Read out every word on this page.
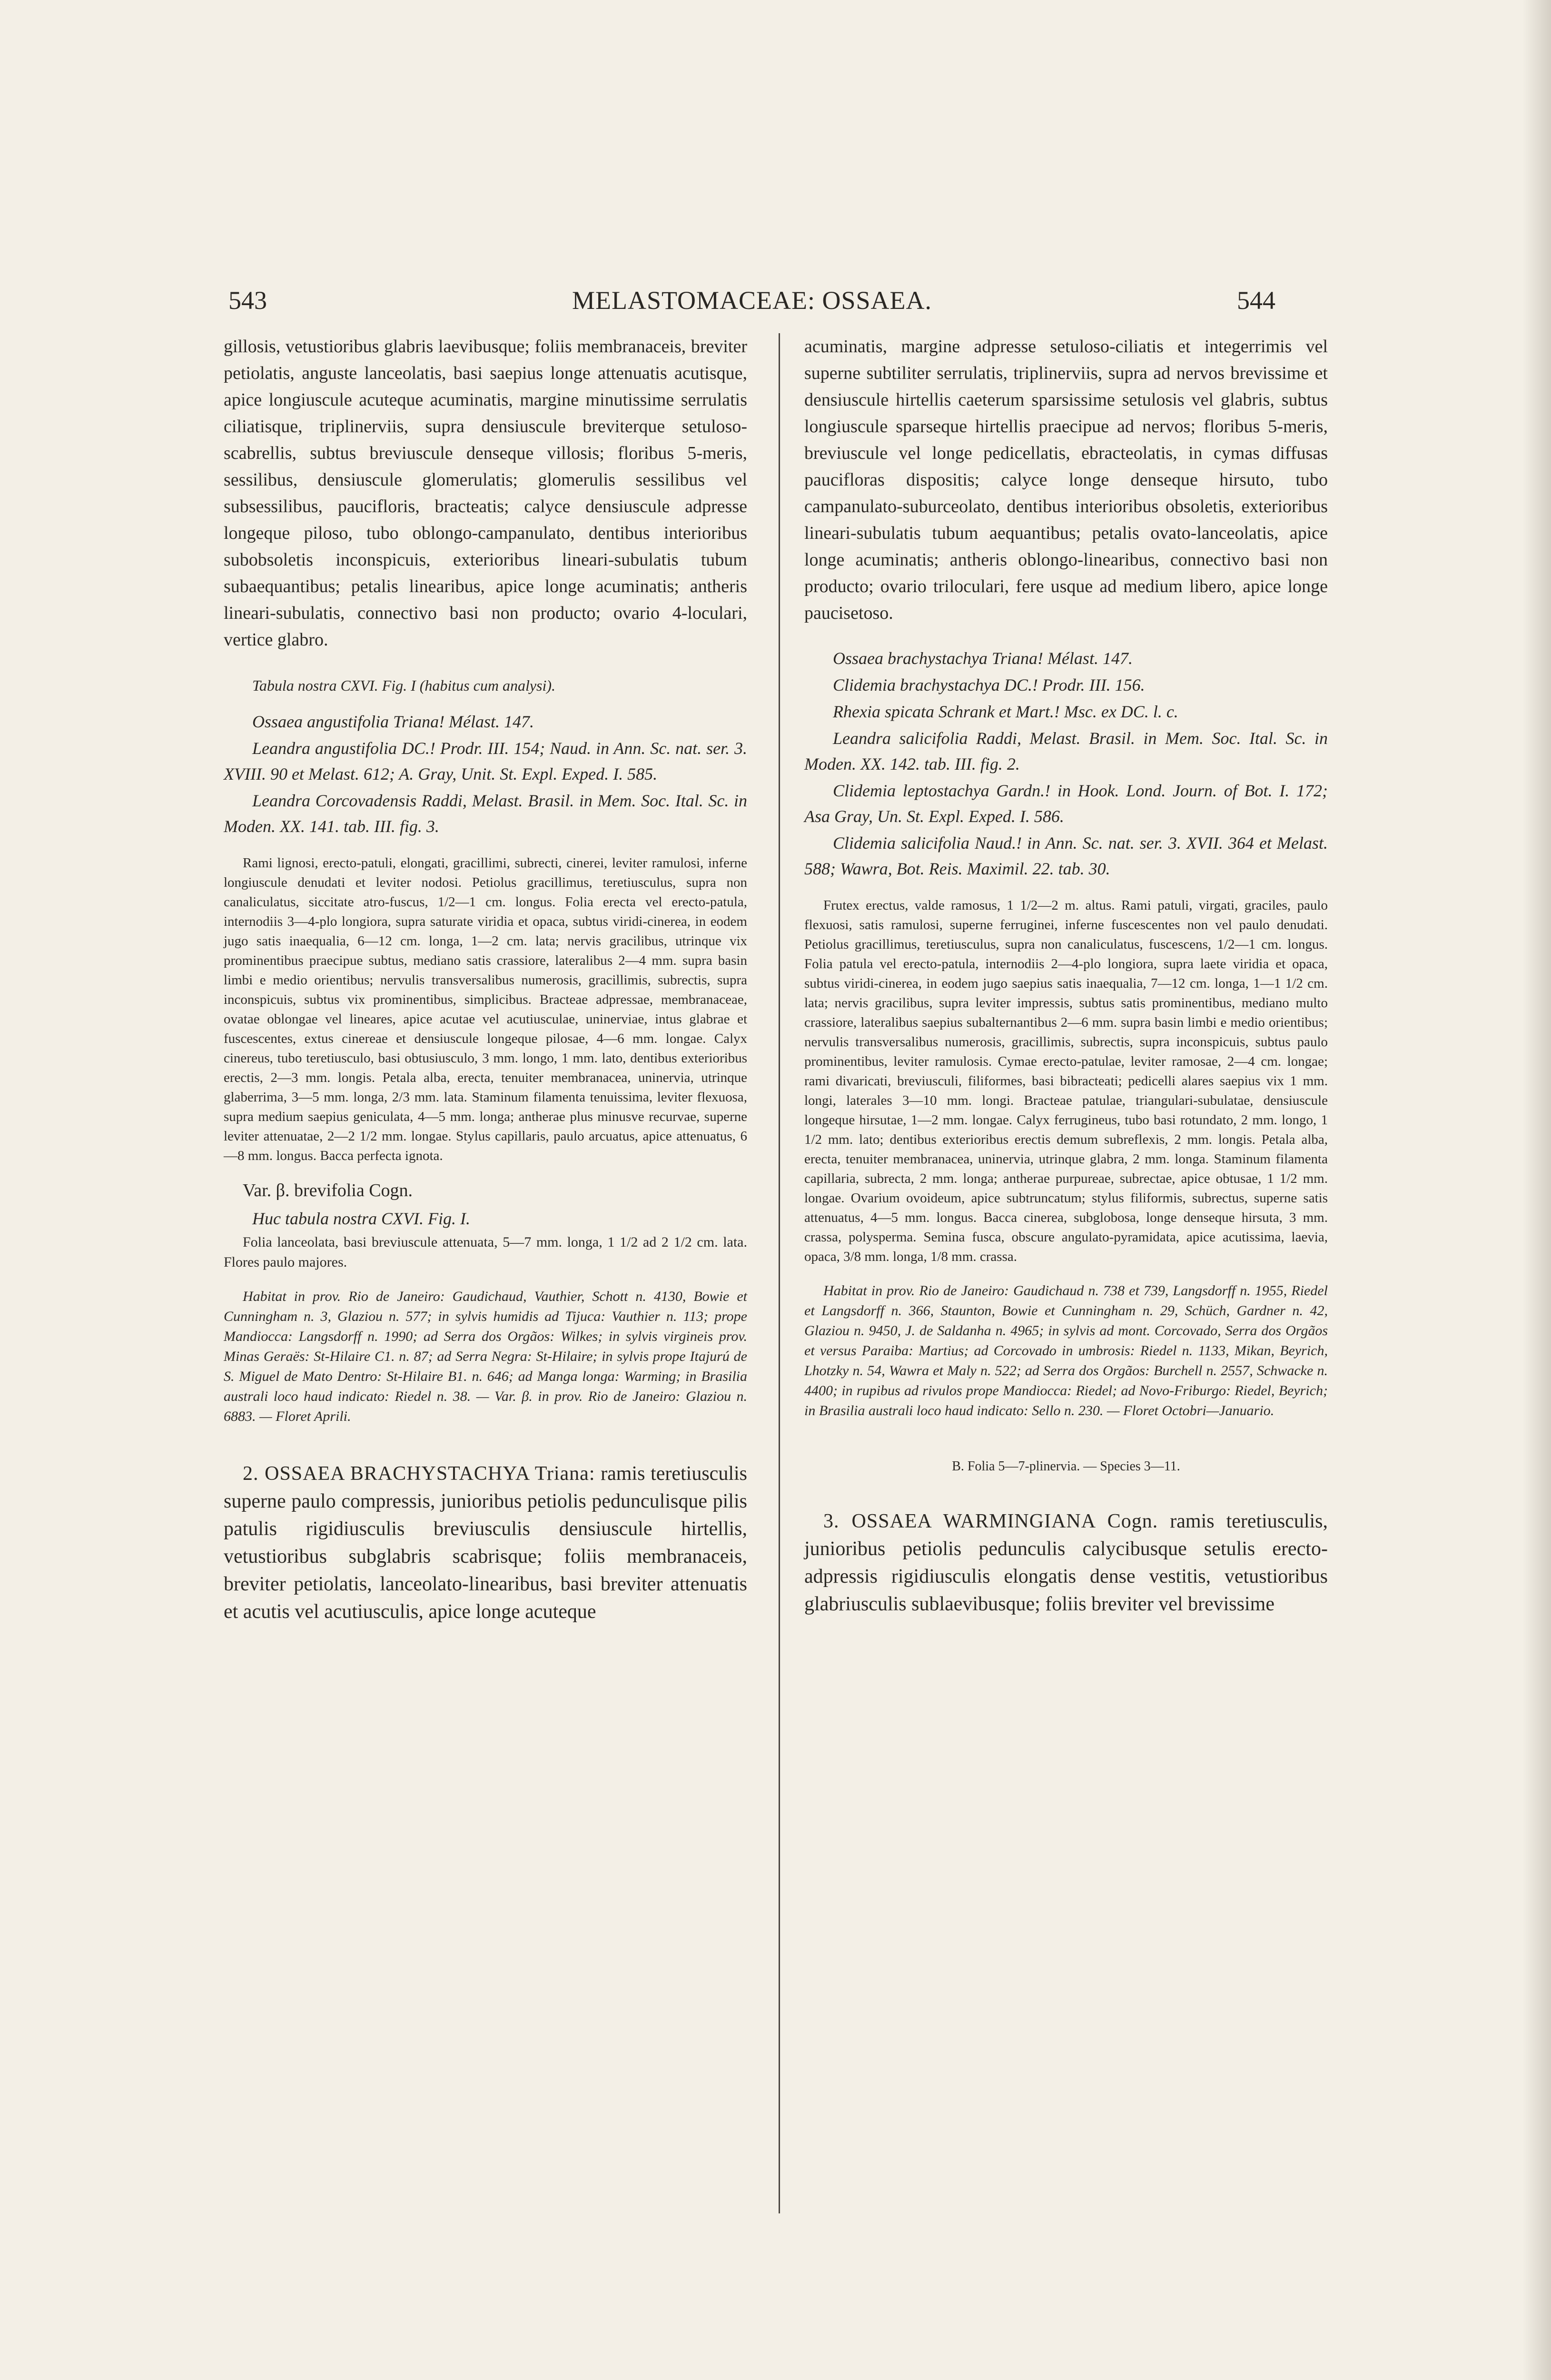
MELASTOMACEAE: OSSAEA.
543	544

gillosis, vetustioribus glabris laevibusque; foliis membranaceis, breviter petiolatis, anguste lanceolatis, basi saepius longe attenuatis acutisque, apice longiuscule acuteque acuminatis, margine minutissime serrulatis ciliatisque, triplinerviis, supra densiuscule breviterque setuloso-scabrellis, subtus breviuscule denseque villosis; floribus 5-meris, sessilibus, densiuscule glomerulatis; glomerulis sessilibus vel subsessilibus, paucifloris, bracteatis; calyce densiuscule adpresse longeque piloso, tubo oblongo-campanulato, dentibus interioribus subobsoletis inconspicuis, exterioribus lineari-subulatis tubum subaequantibus; petalis linearibus, apice longe acuminatis; antheris lineari-subulatis, connectivo basi non producto; ovario 4-loculari, vertice glabro.

Tabula nostra CXVI. Fig. I (habitus cum analysi).

Ossaea angustifolia Triana! Mélast. 147.

Leandra angustifolia DC.! Prodr. III. 154; Naud. in Ann. Sc. nat. ser. 3. XVIII. 90 et Melast. 612; A. Gray, Unit. St. Expl. Exped. I. 585.

Leandra Corcovadensis Raddi, Melast. Brasil. in Mem. Soc. Ital. Sc. in Moden. XX. 141. tab. III. fig. 3.

Rami lignosi, erecto-patuli, elongati, gracillimi, subrecti, cinerei, leviter ramulosi, inferne longiuscule denudati et leviter nodosi. Petiolus gracillimus, teretiusculus, supra non canaliculatus, siccitate atro-fuscus, 1/2—1 cm. longus. Folia erecta vel erecto-patula, internodiis 3—4-plo longiora, supra saturate viridia et opaca, subtus viridi-cinerea, in eodem jugo satis inaequalia, 6—12 cm. longa, 1—2 cm. lata; nervis gracilibus, utrinque vix prominentibus praecipue subtus, mediano satis crassiore, lateralibus 2—4 mm. supra basin limbi e medio orientibus; nervulis transversalibus numerosis, gracillimis, subrectis, supra inconspicuis, subtus vix prominentibus, simplicibus. Bracteae adpressae, membranaceae, ovatae oblongae vel lineares, apice acutae vel acutiusculae, uninerviae, intus glabrae et fuscescentes, extus cinereae et densiuscule longeque pilosae, 4—6 mm. longae. Calyx cinereus, tubo teretiusculo, basi obtusiusculo, 3 mm. longo, 1 mm. lato, dentibus exterioribus erectis, 2—3 mm. longis. Petala alba, erecta, tenuiter membranacea, uninervia, utrinque glaberrima, 3—5 mm. longa, 2/3 mm. lata. Staminum filamenta tenuissima, leviter flexuosa, supra medium saepius geniculata, 4—5 mm. longa; antherae plus minusve recurvae, superne leviter attenuatae, 2—2 1/2 mm. longae. Stylus capillaris, paulo arcuatus, apice attenuatus, 6—8 mm. longus. Bacca perfecta ignota.

Var. β. brevifolia Cogn.

Huc tabula nostra CXVI. Fig. I.

Folia lanceolata, basi breviuscule attenuata, 5—7 mm. longa, 1 1/2 ad 2 1/2 cm. lata. Flores paulo majores.

Habitat in prov. Rio de Janeiro: Gaudichaud, Vauthier, Schott n. 4130, Bowie et Cunningham n. 3, Glaziou n. 577; in sylvis humidis ad Tijuca: Vauthier n. 113; prope Mandiocca: Langsdorff n. 1990; ad Serra dos Orgãos: Wilkes; in sylvis virgineis prov. Minas Geraës: St-Hilaire C1. n. 87; ad Serra Negra: St-Hilaire; in sylvis prope Itajurú de S. Miguel de Mato Dentro: St-Hilaire B1. n. 646; ad Manga longa: Warming; in Brasilia australi loco haud indicato: Riedel n. 38. — Var. β. in prov. Rio de Janeiro: Glaziou n. 6883. — Floret Aprili.

2. OSSAEA BRACHYSTACHYA Triana: ramis teretiusculis superne paulo compressis, junioribus petiolis pedunculisque pilis patulis rigidiusculis breviusculis densiuscule hirtellis, vetustioribus subglabris scabrisque; foliis membranaceis, breviter petiolatis, lanceolato-linearibus, basi breviter attenuatis et acutis vel acutiusculis, apice longe acuteque

acuminatis, margine adpresse setuloso-ciliatis et integerrimis vel superne subtiliter serrulatis, triplinerviis, supra ad nervos brevissime et densiuscule hirtellis caeterum sparsissime setulosis vel glabris, subtus longiuscule sparseque hirtellis praecipue ad nervos; floribus 5-meris, breviuscule vel longe pedicellatis, ebracteolatis, in cymas diffusas paucifloras dispositis; calyce longe denseque hirsuto, tubo campanulato-suburceolato, dentibus interioribus obsoletis, exterioribus lineari-subulatis tubum aequantibus; petalis ovato-lanceolatis, apice longe acuminatis; antheris oblongo-linearibus, connectivo basi non producto; ovario triloculari, fere usque ad medium libero, apice longe paucisetoso.

Ossaea brachystachya Triana! Mélast. 147.

Clidemia brachystachya DC.! Prodr. III. 156.

Rhexia spicata Schrank et Mart.! Msc. ex DC. l. c.

Leandra salicifolia Raddi, Melast. Brasil. in Mem. Soc. Ital. Sc. in Moden. XX. 142. tab. III. fig. 2.

Clidemia leptostachya Gardn.! in Hook. Lond. Journ. of Bot. I. 172; Asa Gray, Un. St. Expl. Exped. I. 586.

Clidemia salicifolia Naud.! in Ann. Sc. nat. ser. 3. XVII. 364 et Melast. 588; Wawra, Bot. Reis. Maximil. 22. tab. 30.

Frutex erectus, valde ramosus, 1 1/2—2 m. altus. Rami patuli, virgati, graciles, paulo flexuosi, satis ramulosi, superne ferruginei, inferne fuscescentes non vel paulo denudati. Petiolus gracillimus, teretiusculus, supra non canaliculatus, fuscescens, 1/2—1 cm. longus. Folia patula vel erecto-patula, internodiis 2—4-plo longiora, supra laete viridia et opaca, subtus viridi-cinerea, in eodem jugo saepius satis inaequalia, 7—12 cm. longa, 1—1 1/2 cm. lata; nervis gracilibus, supra leviter impressis, subtus satis prominentibus, mediano multo crassiore, lateralibus saepius subalternantibus 2—6 mm. supra basin limbi e medio orientibus; nervulis transversalibus numerosis, gracillimis, subrectis, supra inconspicuis, subtus paulo prominentibus, leviter ramulosis. Cymae erecto-patulae, leviter ramosae, 2—4 cm. longae; rami divaricati, breviusculi, filiformes, basi bibracteati; pedicelli alares saepius vix 1 mm. longi, laterales 3—10 mm. longi. Bracteae patulae, triangulari-subulatae, densiuscule longeque hirsutae, 1—2 mm. longae. Calyx ferrugineus, tubo basi rotundato, 2 mm. longo, 1 1/2 mm. lato; dentibus exterioribus erectis demum subreflexis, 2 mm. longis. Petala alba, erecta, tenuiter membranacea, uninervia, utrinque glabra, 2 mm. longa. Staminum filamenta capillaria, subrecta, 2 mm. longa; antherae purpureae, subrectae, apice obtusae, 1 1/2 mm. longae. Ovarium ovoideum, apice subtruncatum; stylus filiformis, subrectus, superne satis attenuatus, 4—5 mm. longus. Bacca cinerea, subglobosa, longe denseque hirsuta, 3 mm. crassa, polysperma. Semina fusca, obscure angulato-pyramidata, apice acutissima, laevia, opaca, 3/8 mm. longa, 1/8 mm. crassa.

Habitat in prov. Rio de Janeiro: Gaudichaud n. 738 et 739, Langsdorff n. 1955, Riedel et Langsdorff n. 366, Staunton, Bowie et Cunningham n. 29, Schüch, Gardner n. 42, Glaziou n. 9450, J. de Saldanha n. 4965; in sylvis ad mont. Corcovado, Serra dos Orgãos et versus Paraiba: Martius; ad Corcovado in umbrosis: Riedel n. 1133, Mikan, Beyrich, Lhotzky n. 54, Wawra et Maly n. 522; ad Serra dos Orgãos: Burchell n. 2557, Schwacke n. 4400; in rupibus ad rivulos prope Mandiocca: Riedel; ad Novo-Friburgo: Riedel, Beyrich; in Brasilia australi loco haud indicato: Sello n. 230. — Floret Octobri—Januario.

B. Folia 5—7-plinervia. — Species 3—11.

3. OSSAEA WARMINGIANA Cogn. ramis teretiusculis, junioribus petiolis pedunculis calycibusque setulis erecto-adpressis rigidiusculis elongatis dense vestitis, vetustioribus glabriusculis sublaevibusque; foliis breviter vel brevissime
